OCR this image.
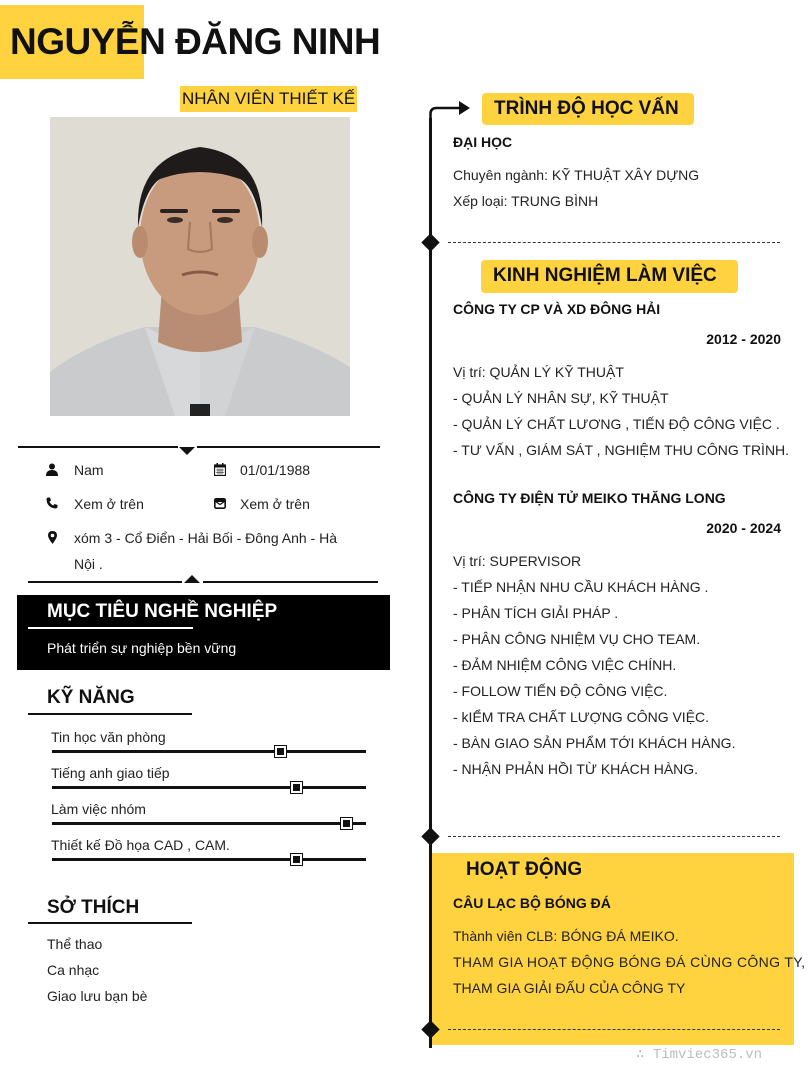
NGUYỄN ĐĂNG NINH
NHÂN VIÊN THIẾT KẾ
Nam	01/01/1988
Xem ở trên	Xem ở trên
xóm 3 - Cổ Điển - Hải Bối - Đông Anh - Hà
Nội .
MỤC TIÊU NGHỀ NGHIỆP
Phát triển sự nghiệp bền vững
KỸ NĂNG
Tin học văn phòng
Tiếng anh giao tiếp
Làm việc nhóm
Thiết kế Đồ họa CAD , CAM.
SỞ THÍCH
Thể thao
Ca nhạc
Giao lưu bạn bè
TRÌNH ĐỘ HỌC VẤN
ĐẠI HỌC
Chuyên ngành: KỸ THUẬT XÂY DỰNG
Xếp loại: TRUNG BÌNH
KINH NGHIỆM LÀM VIỆC
CÔNG TY CP VÀ XD ĐÔNG HẢI
2012 - 2020
Vị trí: QUẢN LÝ KỸ THUẬT
- QUẢN LÝ NHÂN SỰ, KỸ THUẬT
- QUẢN LÝ CHẤT LƯƠNG , TIẾN ĐỘ CÔNG VIỆC .
- TƯ VẤN , GIÁM SÁT , NGHIỆM THU CÔNG TRÌNH.
CÔNG TY ĐIỆN TỬ MEIKO THĂNG LONG
2020 - 2024
Vị trí: SUPERVISOR
- TIẾP NHẬN NHU CẦU KHÁCH HÀNG .
- PHÂN TÍCH GIẢI PHÁP .
- PHÂN CÔNG NHIỆM VỤ CHO TEAM.
- ĐẢM NHIỆM CÔNG VIỆC CHÍNH.
- FOLLOW TIẾN ĐỘ CÔNG VIỆC.
- kIỂM TRA CHẤT LƯỢNG CÔNG VIỆC.
- BÀN GIAO SẢN PHẨM TỚI KHÁCH HÀNG.
- NHẬN PHẢN HỒI TỪ KHÁCH HÀNG.
HOẠT ĐỘNG
CÂU LẠC BỘ BÓNG ĐÁ
Thành viên CLB: BÓNG ĐÁ MEIKO.
THAM GIA HOẠT ĐỘNG BÓNG ĐÁ CÙNG CÔNG TY,
THAM GIA GIẢI ĐẤU CỦA CÔNG TY
∴ Timviec365.vn
